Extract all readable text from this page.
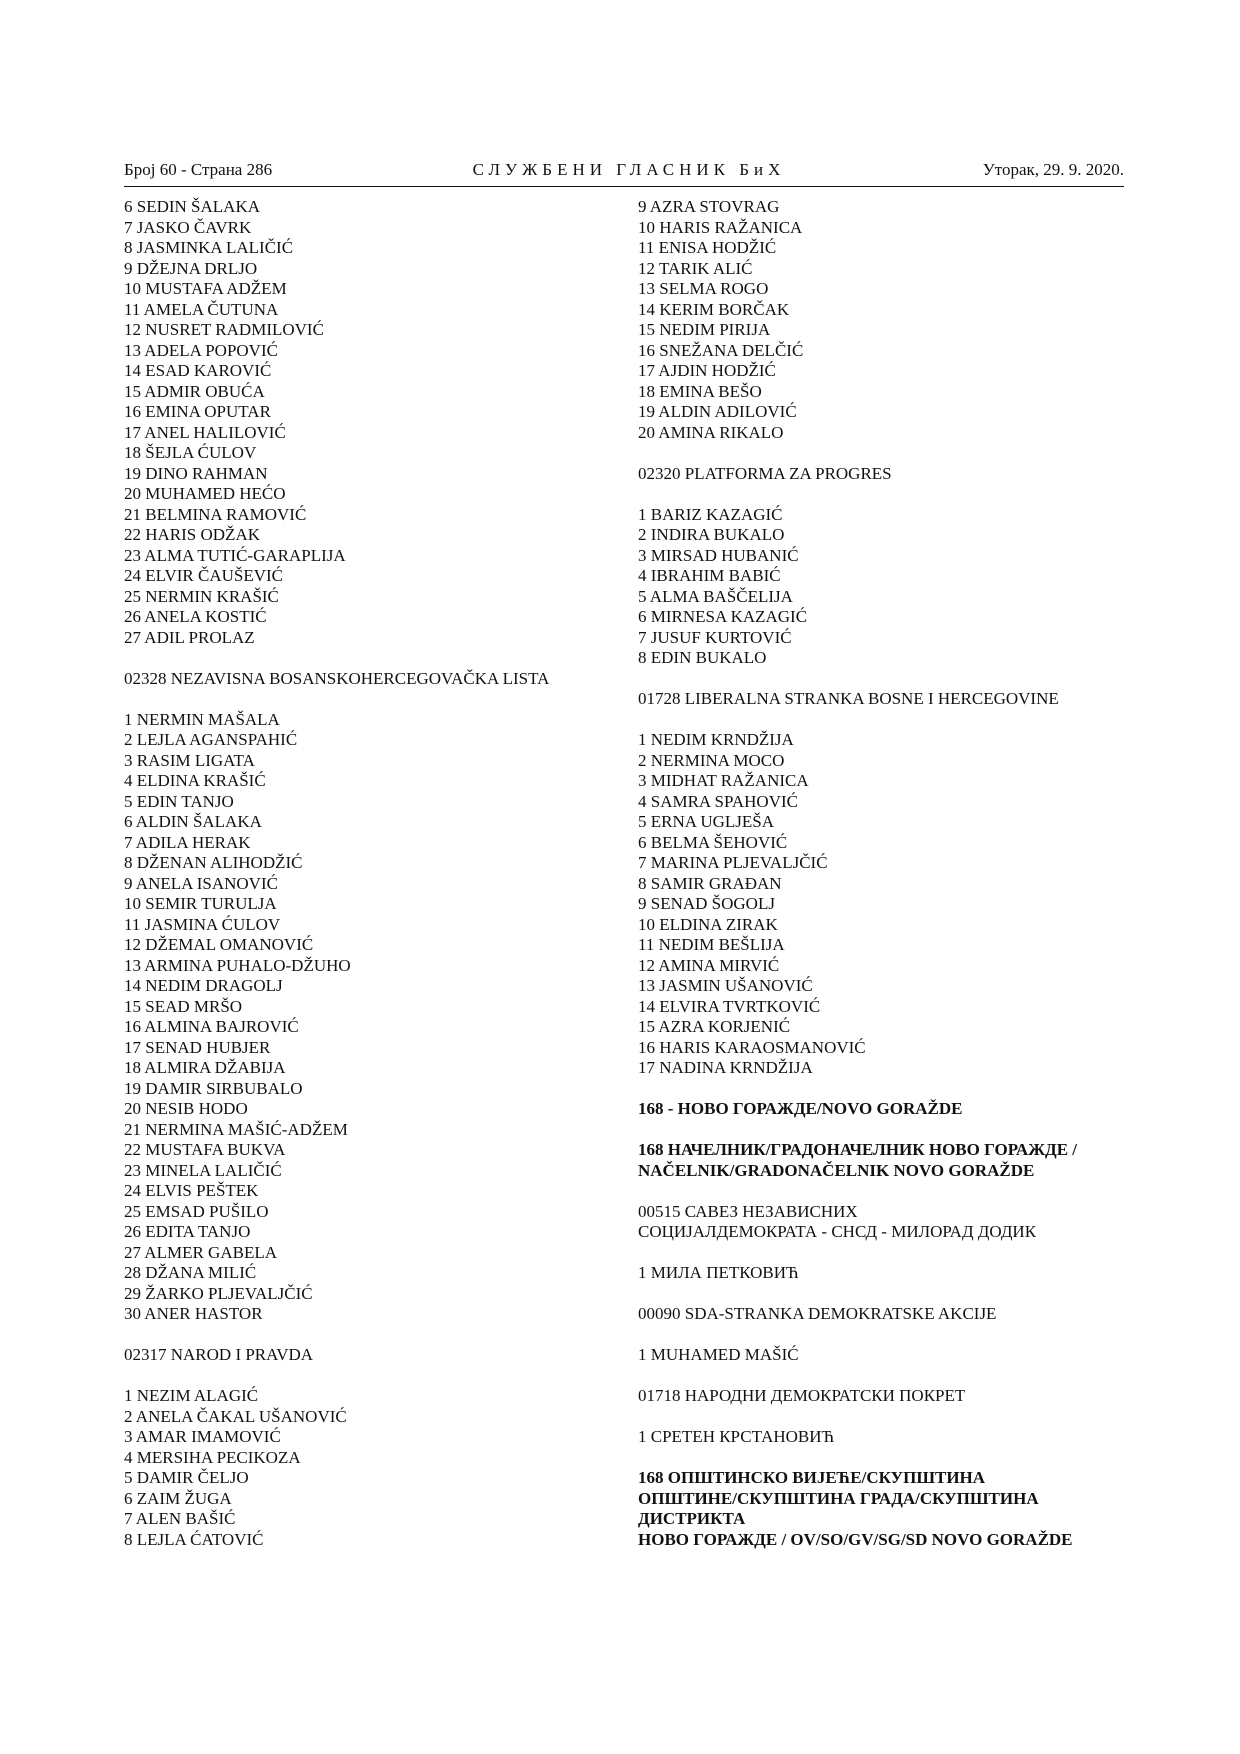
Број 60 - Страна 286	СЛУЖБЕНИ ГЛАСНИК БиХ	Уторак, 29. 9. 2020.
6 SEDIN ŠALAKA
7 JASKO ČAVRK
8 JASMINKA LALIČIĆ
9 DŽEJNA DRLJO
10 MUSTAFA ADŽEM
11 AMELA ČUTUNA
12 NUSRET RADMILOVIĆ
13 ADELA POPOVIĆ
14 ESAD KAROVIĆ
15 ADMIR OBUĆA
16 EMINA OPUTAR
17 ANEL HALILOVIĆ
18 ŠEJLA ĆULOV
19 DINO RAHMAN
20 MUHAMED HEĆO
21 BELMINA RAMOVIĆ
22 HARIS ODŽAK
23 ALMA TUTIĆ-GARAPLIJA
24 ELVIR ČAUŠEVIĆ
25 NERMIN KRAŠIĆ
26 ANELA KOSTIĆ
27 ADIL PROLAZ
02328 NEZAVISNA BOSANSKOHERCEGOVAČKA LISTA
1 NERMIN MAŠALA
2 LEJLA AGANSPAHIĆ
3 RASIM LIGATA
4 ELDINA KRAŠIĆ
5 EDIN TANJO
6 ALDIN ŠALAKA
7 ADILA HERAK
8 DŽENAN ALIHODŽIĆ
9 ANELA ISANOVIĆ
10 SEMIR TURULJA
11 JASMINA ĆULOV
12 DŽEMAL OMANOVIĆ
13 ARMINA PUHALO-DŽUHO
14 NEDIM DRAGOLJ
15 SEAD MRŠO
16 ALMINA BAJROVIĆ
17 SENAD HUBJER
18 ALMIRA DŽABIJA
19 DAMIR SIRBUBALO
20 NESIB HODO
21 NERMINA MAŠIĆ-ADŽEM
22 MUSTAFA BUKVA
23 MINELA LALIČIĆ
24 ELVIS PEŠTEK
25 EMSAD PUŠILO
26 EDITA TANJO
27 ALMER GABELA
28 DŽANA MILIĆ
29 ŽARKO PLJEVALJČIĆ
30 ANER HASTOR
02317 NAROD I PRAVDA
1 NEZIM ALAGIĆ
2 ANELA ČAKAL UŠANOVIĆ
3 AMAR IMAMOVIĆ
4 MERSIHA PECIKOZA
5 DAMIR ČELJO
6 ZAIM ŽUGA
7 ALEN BAŠIĆ
8 LEJLA ĆATOVIĆ
9 AZRA STOVRAG
10 HARIS RAŽANICA
11 ENISA HODŽIĆ
12 TARIK ALIĆ
13 SELMA ROGO
14 KERIM BORČAK
15 NEDIM PIRIJA
16 SNEŽANA DELČIĆ
17 AJDIN HODŽIĆ
18 EMINA BEŠO
19 ALDIN ADILOVIĆ
20 AMINA RIKALO
02320 PLATFORMA ZA PROGRES
1 BARIZ KAZAGIĆ
2 INDIRA BUKALO
3 MIRSAD HUBANIĆ
4 IBRAHIM BABIĆ
5 ALMA BAŠČELIJA
6 MIRNESA KAZAGIĆ
7 JUSUF KURTOVIĆ
8 EDIN BUKALO
01728 LIBERALNA STRANKA BOSNE I HERCEGOVINE
1 NEDIM KRNDŽIJA
2 NERMINA MOCO
3 MIDHAT RAŽANICA
4 SAMRA SPAHOVIĆ
5 ERNA UGLJEŠA
6 BELMA ŠEHOVIĆ
7 MARINA PLJEVALJČIĆ
8 SAMIR GRAĐAN
9 SENAD ŠOGOLJ
10 ELDINA ZIRAK
11 NEDIM BEŠLIJA
12 AMINA MIRVIĆ
13 JASMIN UŠANOVIĆ
14 ELVIRA TVRTKOVIĆ
15 AZRA KORJENIĆ
16 HARIS KARAOSMANOVIĆ
17 NADINA KRNDŽIJA
168 - НОВО ГОРАЖДЕ/NOVO GORAŽDE
168 НАЧЕЛНИК/ГРАДОНАЧЕЛНИК НОВО ГОРАЖДЕ /
NAČELNIK/GRADONAČELNIK NOVO GORAŽDE
00515 САВЕЗ НЕЗАВИСНИХ
СОЦИЈАЛДЕМОКРАТА - СНСД - МИЛОРАД ДОДИК
1 МИЛА ПЕТКОВИЋ
00090 SDA-STRANKA DEMOKRATSKE AKCIJE
1 MUHAMED MAŠIĆ
01718 НАРОДНИ ДЕМОКРАТСКИ ПОКРЕТ
1 СРЕТЕН КРСТАНОВИЋ
168 ОПШТИНСКО ВИЈЕЋЕ/СКУПШТИНА
ОПШТИНЕ/СКУПШТИНА ГРАДА/СКУПШТИНА
ДИСТРИКТА
НОВО ГОРАЖДЕ / OV/SO/GV/SG/SD NOVO GORAŽDE
